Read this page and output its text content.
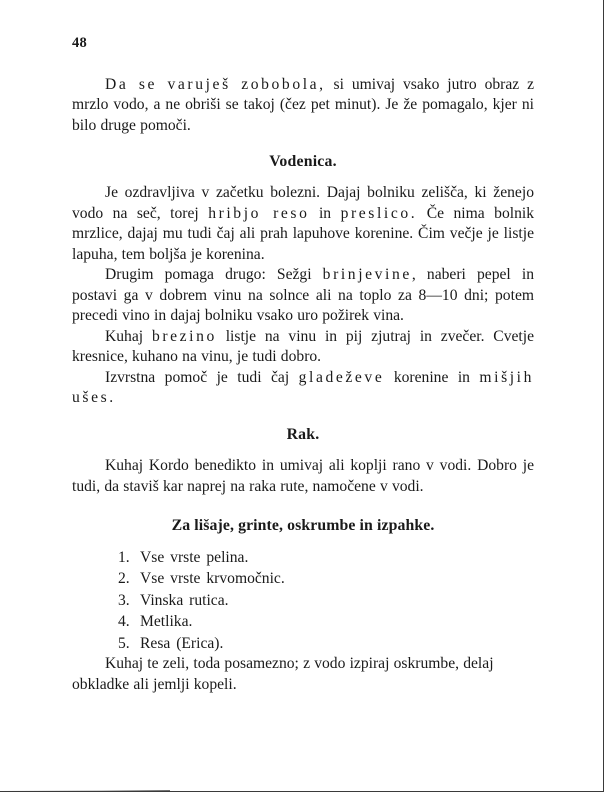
48

Da se varuješ zobobola, si umivaj vsako jutro obraz z mrzlo vodo, a ne obriši se takoj (čez pet minut). Je že pomagalo, kjer ni bilo druge pomoči.

Vodenica.

Je ozdravljiva v začetku bolezni. Dajaj bolniku zelišča, ki ženejo vodo na seč, torej hribjo reso in preslico. Če nima bolnik mrzlice, dajaj mu tudi čaj ali prah lapuhove korenine. Čim večje je listje lapuha, tem boljša je korenina.

Drugim pomaga drugo: Sežgi brinjevine, naberi pepel in postavi ga v dobrem vinu na solnce ali na toplo za 8—10 dni; potem precedi vino in dajaj bolniku vsako uro požirek vina.

Kuhaj brezino listje na vinu in pij zjutraj in zvečer. Cvetje kresnice, kuhano na vinu, je tudi dobro.

Izvrstna pomoč je tudi čaj gladeževe korenine in mišjih ušes.

Rak.

Kuhaj Kordo benedikto in umivaj ali koplji rano v vodi. Dobro je tudi, da staviš kar naprej na raka rute, namočene v vodi.

Za lišaje, grinte, oskrumbe in izpahke.
1. Vse vrste pelina.
2. Vse vrste krvomočnic.
3. Vinska rutica.
4. Metlika.
5. Resa (Erica).

Kuhaj te zeli, toda posamezno; z vodo izpiraj oskrumbe, delaj obkladke ali jemlji kopeli.
